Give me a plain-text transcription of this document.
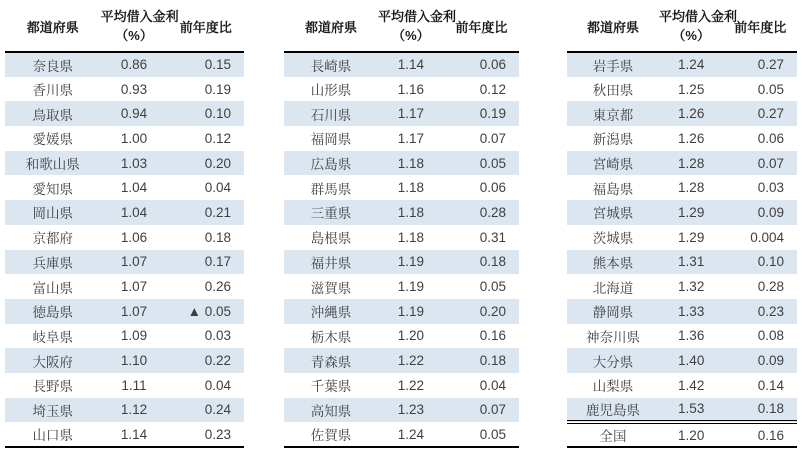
都道府県	平均借入金利
（%）	前年度比
奈良県	0.86	0.15
香川県	0.93	0.19
鳥取県	0.94	0.10
愛媛県	1.00	0.12
和歌山県	1.03	0.20
愛知県	1.04	0.04
岡山県	1.04	0.21
京都府	1.06	0.18
兵庫県	1.07	0.17
富山県	1.07	0.26
徳島県	1.07	▲ 0.05
岐阜県	1.09	0.03
大阪府	1.10	0.22
長野県	1.11	0.04
埼玉県	1.12	0.24
山口県	1.14	0.23
都道府県	平均借入金利
（%）	前年度比
長崎県	1.14	0.06
山形県	1.16	0.12
石川県	1.17	0.19
福岡県	1.17	0.07
広島県	1.18	0.05
群馬県	1.18	0.06
三重県	1.18	0.28
島根県	1.18	0.31
福井県	1.19	0.18
滋賀県	1.19	0.05
沖縄県	1.19	0.20
栃木県	1.20	0.16
青森県	1.22	0.18
千葉県	1.22	0.04
高知県	1.23	0.07
佐賀県	1.24	0.05
都道府県	平均借入金利
（%）	前年度比
岩手県	1.24	0.27
秋田県	1.25	0.05
東京都	1.26	0.27
新潟県	1.26	0.06
宮崎県	1.28	0.07
福島県	1.28	0.03
宮城県	1.29	0.09
茨城県	1.29	0.004
熊本県	1.31	0.10
北海道	1.32	0.28
静岡県	1.33	0.23
神奈川県	1.36	0.08
大分県	1.40	0.09
山梨県	1.42	0.14
鹿児島県	1.53	0.18
全国	1.20	0.16
